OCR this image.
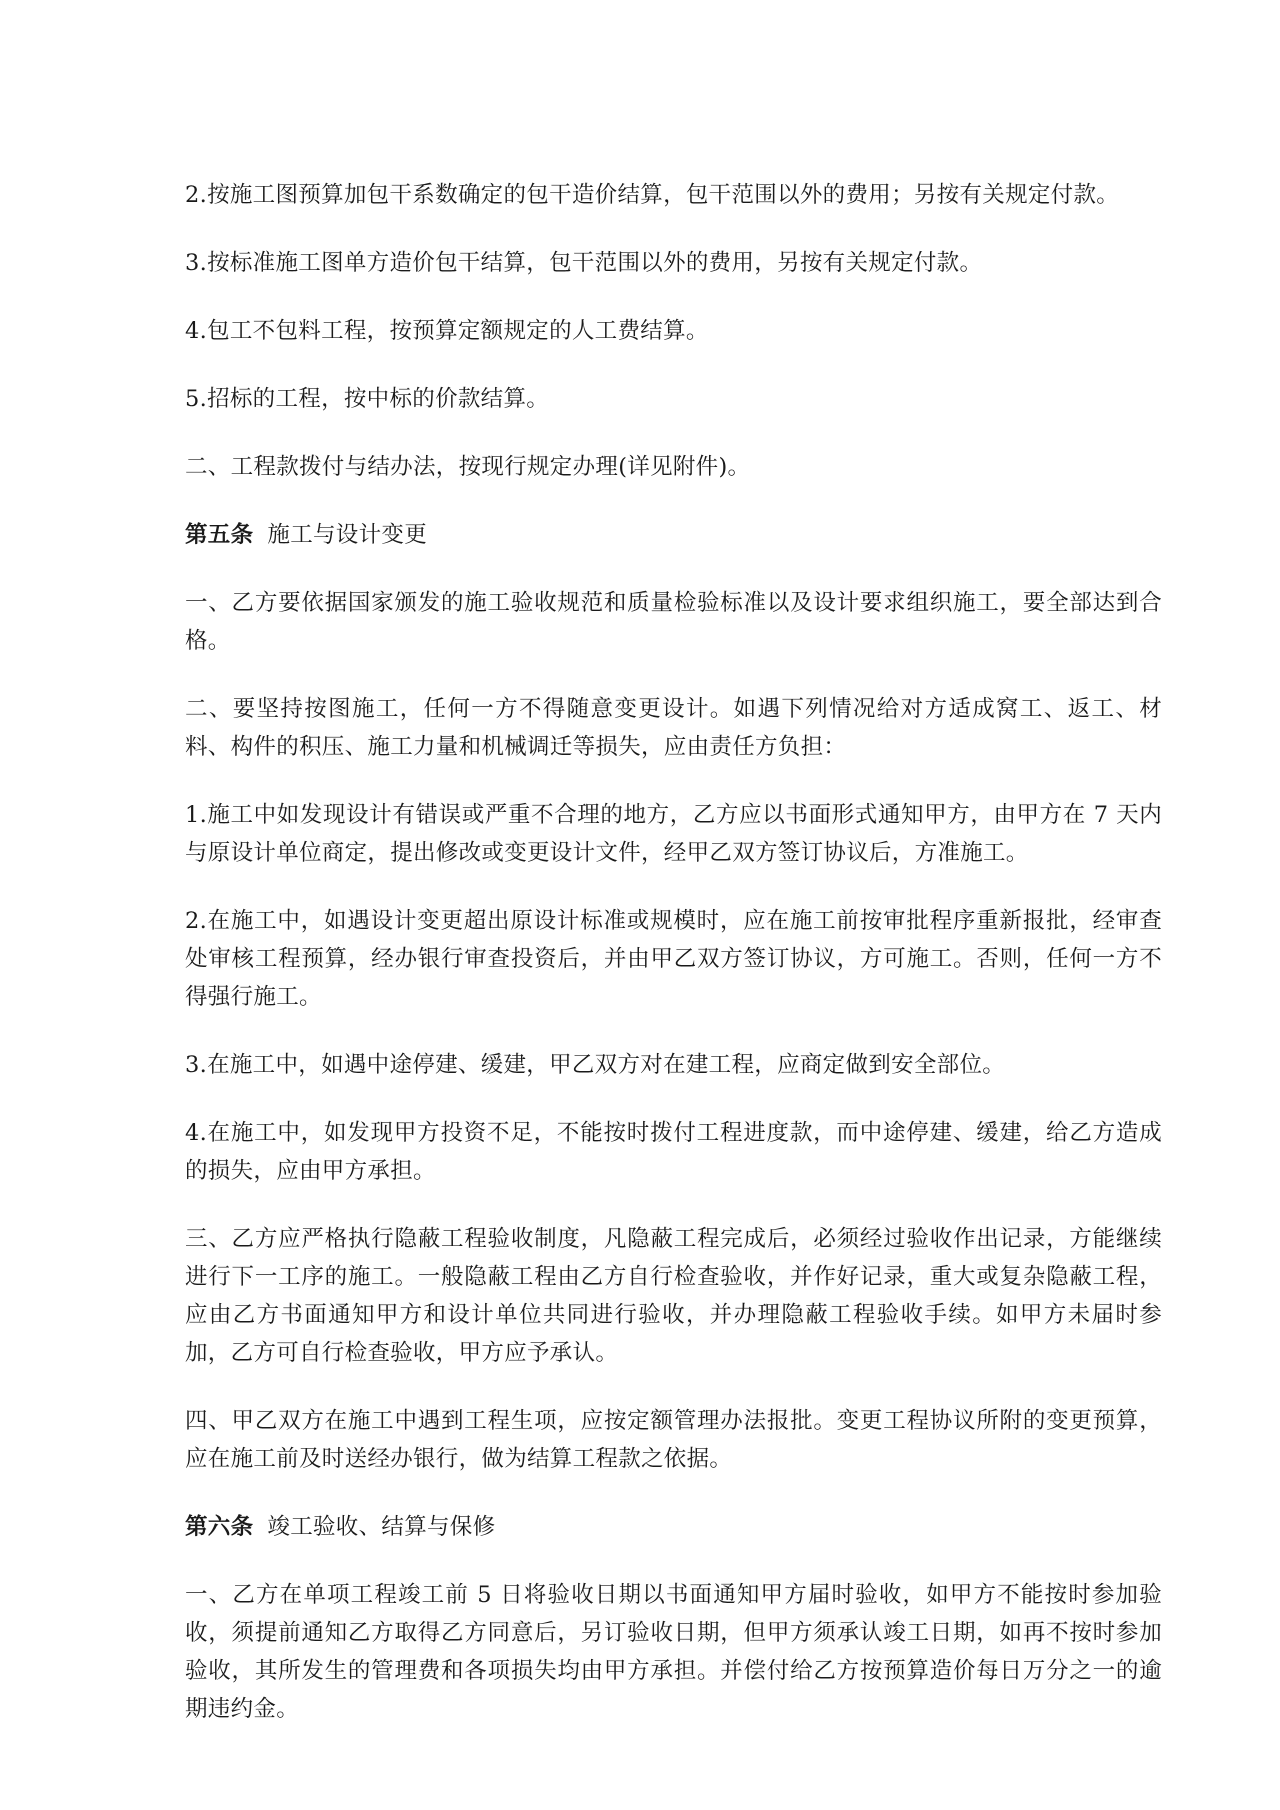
2.按施工图预算加包干系数确定的包干造价结算，包干范围以外的费用；另按有关规定付款。

3.按标准施工图单方造价包干结算，包干范围以外的费用，另按有关规定付款。

4.包工不包料工程，按预算定额规定的人工费结算。

5.招标的工程，按中标的价款结算。

二、工程款拨付与结办法，按现行规定办理(详见附件)。

第五条 施工与设计变更

一、乙方要依据国家颁发的施工验收规范和质量检验标准以及设计要求组织施工，要全部达到合格。

二、要坚持按图施工，任何一方不得随意变更设计。如遇下列情况给对方适成窝工、返工、材料、构件的积压、施工力量和机械调迁等损失，应由责任方负担：

1.施工中如发现设计有错误或严重不合理的地方，乙方应以书面形式通知甲方，由甲方在 7 天内与原设计单位商定，提出修改或变更设计文件，经甲乙双方签订协议后，方准施工。

2.在施工中，如遇设计变更超出原设计标准或规模时，应在施工前按审批程序重新报批，经审查处审核工程预算，经办银行审查投资后，并由甲乙双方签订协议，方可施工。否则，任何一方不得强行施工。

3.在施工中，如遇中途停建、缓建，甲乙双方对在建工程，应商定做到安全部位。

4.在施工中，如发现甲方投资不足，不能按时拨付工程进度款，而中途停建、缓建，给乙方造成的损失，应由甲方承担。

三、乙方应严格执行隐蔽工程验收制度，凡隐蔽工程完成后，必须经过验收作出记录，方能继续进行下一工序的施工。一般隐蔽工程由乙方自行检查验收，并作好记录，重大或复杂隐蔽工程，应由乙方书面通知甲方和设计单位共同进行验收，并办理隐蔽工程验收手续。如甲方未届时参加，乙方可自行检查验收，甲方应予承认。

四、甲乙双方在施工中遇到工程生项，应按定额管理办法报批。变更工程协议所附的变更预算，应在施工前及时送经办银行，做为结算工程款之依据。

第六条 竣工验收、结算与保修

一、乙方在单项工程竣工前 5 日将验收日期以书面通知甲方届时验收，如甲方不能按时参加验收，须提前通知乙方取得乙方同意后，另订验收日期，但甲方须承认竣工日期，如再不按时参加验收，其所发生的管理费和各项损失均由甲方承担。并偿付给乙方按预算造价每日万分之一的逾期违约金。
